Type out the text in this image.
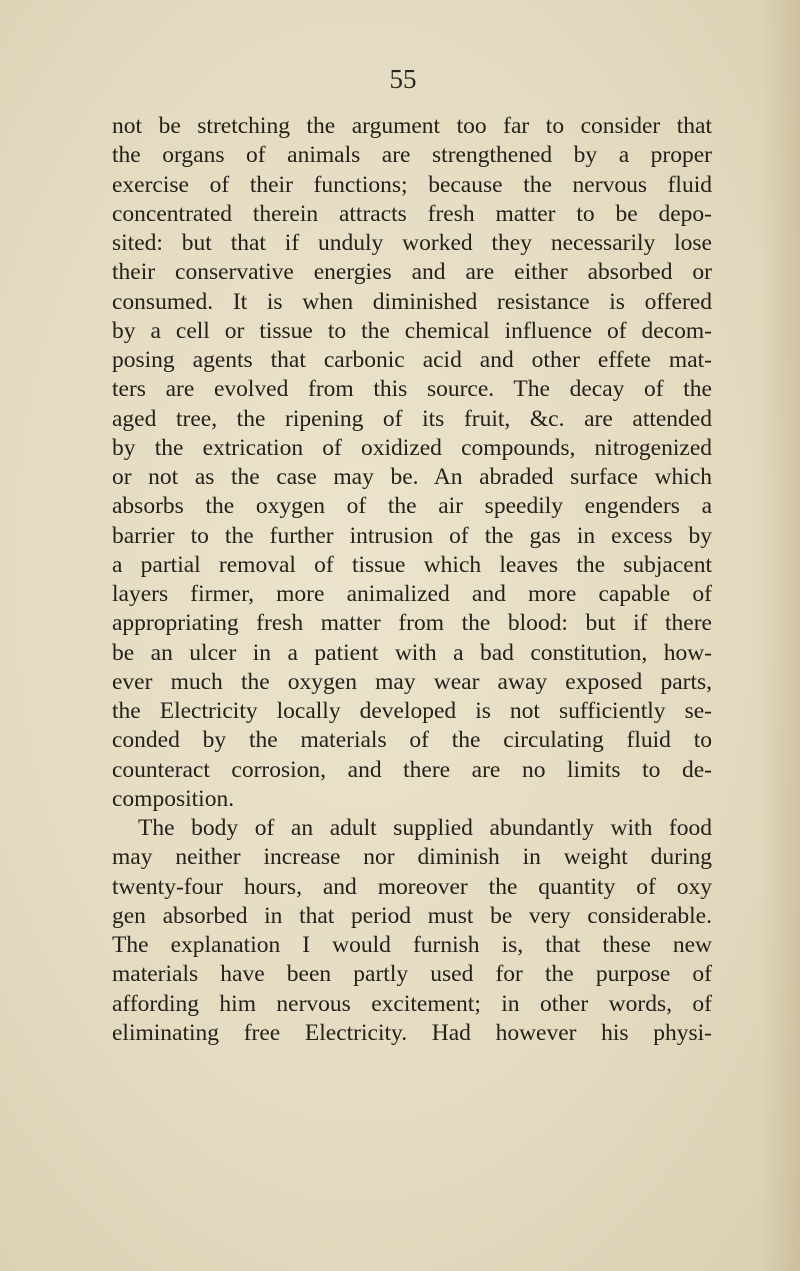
55
not be stretching the argument too far to consider that
the organs of animals are strengthened by a proper
exercise of their functions; because the nervous fluid
concentrated therein attracts fresh matter to be depo-
sited: but that if unduly worked they necessarily lose
their conservative energies and are either absorbed or
consumed. It is when diminished resistance is offered
by a cell or tissue to the chemical influence of decom-
posing agents that carbonic acid and other effete mat-
ters are evolved from this source. The decay of the
aged tree, the ripening of its fruit, &c. are attended
by the extrication of oxidized compounds, nitrogenized
or not as the case may be. An abraded surface which
absorbs the oxygen of the air speedily engenders a
barrier to the further intrusion of the gas in excess by
a partial removal of tissue which leaves the subjacent
layers firmer, more animalized and more capable of
appropriating fresh matter from the blood: but if there
be an ulcer in a patient with a bad constitution, how-
ever much the oxygen may wear away exposed parts,
the Electricity locally developed is not sufficiently se-
conded by the materials of the circulating fluid to
counteract corrosion, and there are no limits to de-
composition.
The body of an adult supplied abundantly with food
may neither increase nor diminish in weight during
twenty-four hours, and moreover the quantity of oxy
gen absorbed in that period must be very considerable.
The explanation I would furnish is, that these new
materials have been partly used for the purpose of
affording him nervous excitement; in other words, of
eliminating free Electricity. Had however his physi-
